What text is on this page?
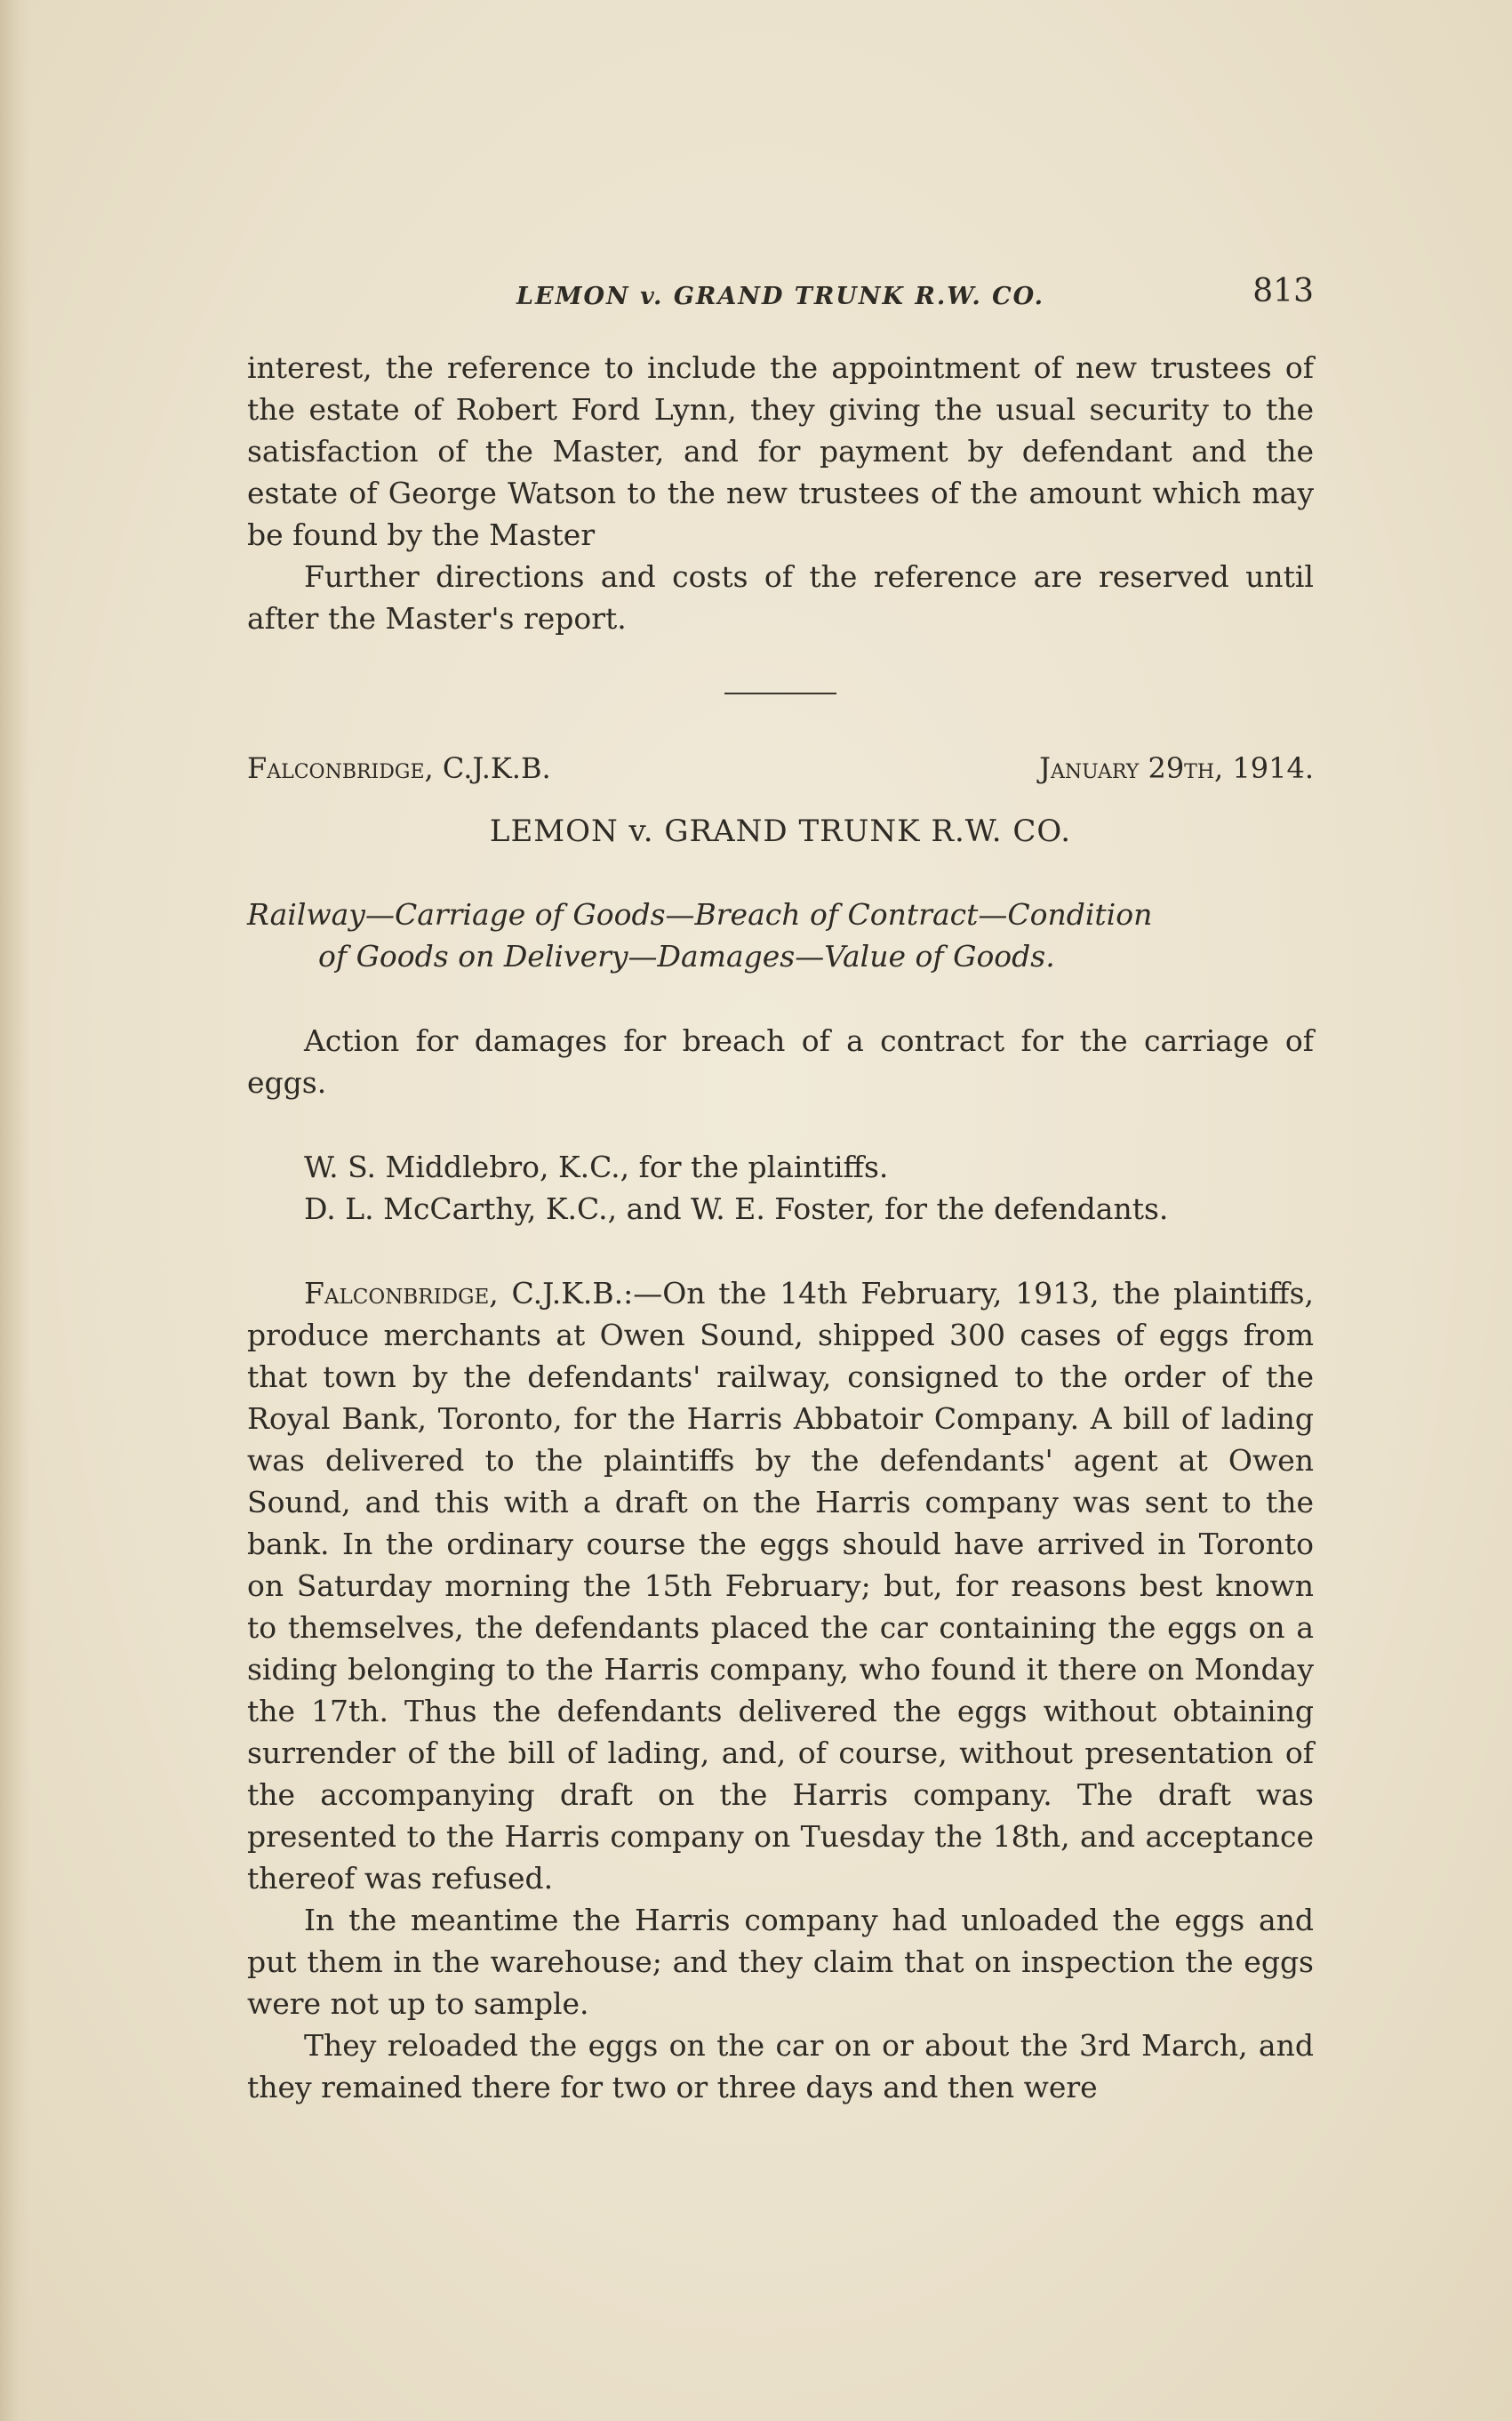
LEMON v. GRAND TRUNK R.W. CO.	813

interest, the reference to include the appointment of new trustees of the estate of Robert Ford Lynn, they giving the usual security to the satisfaction of the Master, and for payment by defendant and the estate of George Watson to the new trustees of the amount which may be found by the Master

Further directions and costs of the reference are reserved until after the Master's report.

Falconbridge, C.J.K.B.	January 29th, 1914.
LEMON v. GRAND TRUNK R.W. CO.
Railway—Carriage of Goods—Breach of Contract—Condition
of Goods on Delivery—Damages—Value of Goods.

Action for damages for breach of a contract for the carriage of eggs.

W. S. Middlebro, K.C., for the plaintiffs.

D. L. McCarthy, K.C., and W. E. Foster, for the defendants.

Falconbridge, C.J.K.B.:—On the 14th February, 1913, the plaintiffs, produce merchants at Owen Sound, shipped 300 cases of eggs from that town by the defendants' railway, consigned to the order of the Royal Bank, Toronto, for the Harris Abbatoir Company. A bill of lading was delivered to the plaintiffs by the defendants' agent at Owen Sound, and this with a draft on the Harris company was sent to the bank. In the ordinary course the eggs should have arrived in Toronto on Saturday morning the 15th February; but, for reasons best known to themselves, the defendants placed the car containing the eggs on a siding belonging to the Harris company, who found it there on Monday the 17th. Thus the defendants delivered the eggs without obtaining surrender of the bill of lading, and, of course, without presentation of the accompanying draft on the Harris company. The draft was presented to the Harris company on Tuesday the 18th, and acceptance thereof was refused.

In the meantime the Harris company had unloaded the eggs and put them in the warehouse; and they claim that on inspection the eggs were not up to sample.

They reloaded the eggs on the car on or about the 3rd March, and they remained there for two or three days and then were
